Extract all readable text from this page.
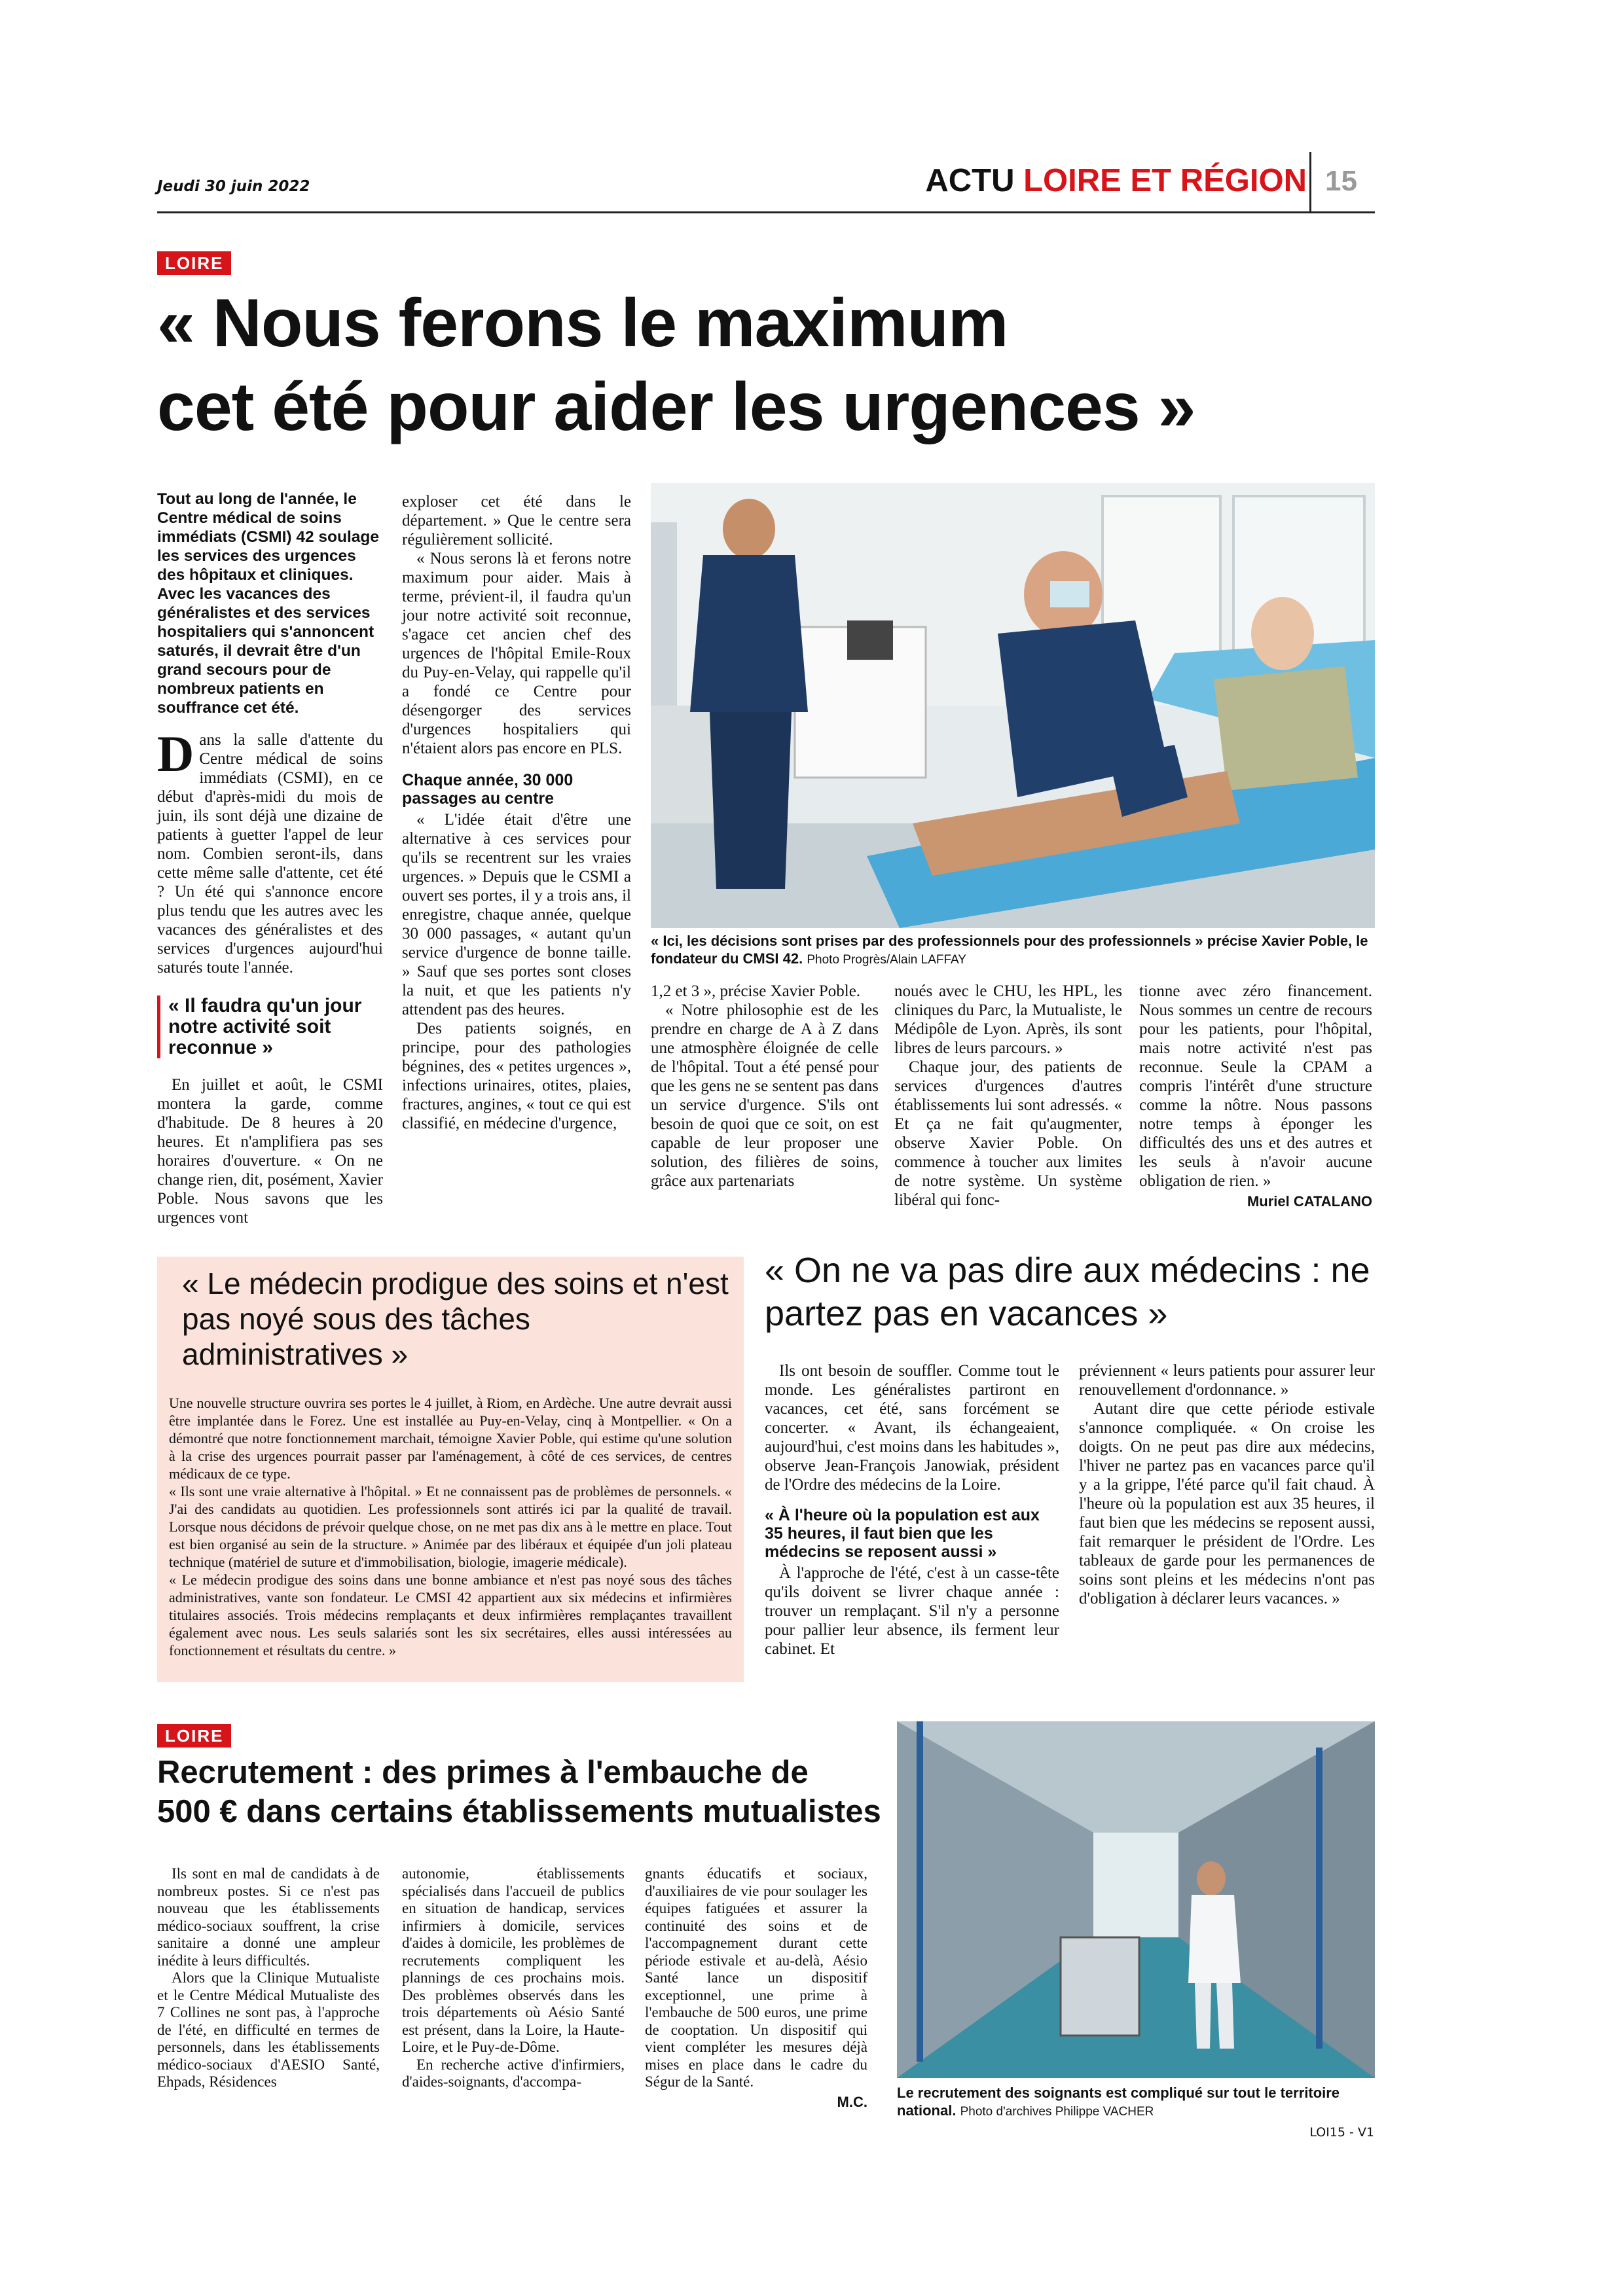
Jeudi 30 juin 2022	ACTU LOIRE ET RÉGION 15
LOIRE
« Nous ferons le maximum
cet été pour aider les urgences »
Tout au long de l'année, le Centre médical de soins immédiats (CSMI) 42 soulage les services des urgences des hôpitaux et cliniques. Avec les vacances des généralistes et des services hospitaliers qui s'annoncent saturés, il devrait être d'un grand secours pour de nombreux patients en souffrance cet été.

Dans la salle d'attente du Centre médical de soins immédiats (CSMI), en ce début d'après-midi du mois de juin, ils sont déjà une dizaine de patients à guetter l'appel de leur nom. Combien seront-ils, dans cette même salle d'attente, cet été ? Un été qui s'annonce encore plus tendu que les autres avec les vacances des généralistes et des services d'urgences aujourd'hui saturés toute l'année.

« Il faudra qu'un jour notre activité soit reconnue »

En juillet et août, le CSMI montera la garde, comme d'habitude. De 8 heures à 20 heures. Et n'amplifiera pas ses horaires d'ouverture. « On ne change rien, dit, posément, Xavier Poble. Nous savons que les urgences vont

exploser cet été dans le département. » Que le centre sera régulièrement sollicité.

« Nous serons là et ferons notre maximum pour aider. Mais à terme, prévient-il, il faudra qu'un jour notre activité soit reconnue, s'agace cet ancien chef des urgences de l'hôpital Emile-Roux du Puy-en-Velay, qui rappelle qu'il a fondé ce Centre pour désengorger des services d'urgences hospitaliers qui n'étaient alors pas encore en PLS.

Chaque année, 30 000 passages au centre

« L'idée était d'être une alternative à ces services pour qu'ils se recentrent sur les vraies urgences. » Depuis que le CSMI a ouvert ses portes, il y a trois ans, il enregistre, chaque année, quelque 30 000 passages, « autant qu'un service d'urgence de bonne taille. » Sauf que ses portes sont closes la nuit, et que les patients n'y attendent pas des heures.

Des patients soignés, en principe, pour des pathologies bégnines, des « petites urgences », infections urinaires, otites, plaies, fractures, angines, « tout ce qui est classifié, en médecine d'urgence,

« Ici, les décisions sont prises par des professionnels pour des professionnels » précise Xavier Poble, le fondateur du CMSI 42. Photo Progrès/Alain LAFFAY

1,2 et 3 », précise Xavier Poble.

« Notre philosophie est de les prendre en charge de A à Z dans une atmosphère éloignée de celle de l'hôpital. Tout a été pensé pour que les gens ne se sentent pas dans un service d'urgence. S'ils ont besoin de quoi que ce soit, on est capable de leur proposer une solution, des filières de soins, grâce aux partenariats

noués avec le CHU, les HPL, les cliniques du Parc, la Mutualiste, le Médipôle de Lyon. Après, ils sont libres de leurs parcours. »

Chaque jour, des patients de services d'urgences d'autres établissements lui sont adressés. « Et ça ne fait qu'augmenter, observe Xavier Poble. On commence à toucher aux limites de notre système. Un système libéral qui fonc-

tionne avec zéro financement. Nous sommes un centre de recours pour les patients, pour l'hôpital, mais notre activité n'est pas reconnue. Seule la CPAM a compris l'intérêt d'une structure comme la nôtre. Nous passons notre temps à éponger les difficultés des uns et des autres et les seuls à n'avoir aucune obligation de rien. »

Muriel CATALANO
« Le médecin prodigue des soins et n'est pas noyé sous des tâches administratives »

Une nouvelle structure ouvrira ses portes le 4 juillet, à Riom, en Ardèche. Une autre devrait aussi être implantée dans le Forez. Une est installée au Puy-en-Velay, cinq à Montpellier. « On a démontré que notre fonctionnement marchait, témoigne Xavier Poble, qui estime qu'une solution à la crise des urgences pourrait passer par l'aménagement, à côté de ces services, de centres médicaux de ce type.

« Ils sont une vraie alternative à l'hôpital. » Et ne connaissent pas de problèmes de personnels. « J'ai des candidats au quotidien. Les professionnels sont attirés ici par la qualité de travail. Lorsque nous décidons de prévoir quelque chose, on ne met pas dix ans à le mettre en place. Tout est bien organisé au sein de la structure. » Animée par des libéraux et équipée d'un joli plateau technique (matériel de suture et d'immobilisation, biologie, imagerie médicale).

« Le médecin prodigue des soins dans une bonne ambiance et n'est pas noyé sous des tâches administratives, vante son fondateur. Le CMSI 42 appartient aux six médecins et infirmières titulaires associés. Trois médecins remplaçants et deux infirmières remplaçantes travaillent également avec nous. Les seuls salariés sont les six secrétaires, elles aussi intéressées au fonctionnement et résultats du centre. »

« On ne va pas dire aux médecins : ne partez pas en vacances »

Ils ont besoin de souffler. Comme tout le monde. Les généralistes partiront en vacances, cet été, sans forcément se concerter. « Avant, ils échangeaient, aujourd'hui, c'est moins dans les habitudes », observe Jean-François Janowiak, président de l'Ordre des médecins de la Loire.

« À l'heure où la population est aux 35 heures, il faut bien que les médecins se reposent aussi »

À l'approche de l'été, c'est à un casse-tête qu'ils doivent se livrer chaque année : trouver un remplaçant. S'il n'y a personne pour pallier leur absence, ils ferment leur cabinet. Et

préviennent « leurs patients pour assurer leur renouvellement d'ordonnance. »

Autant dire que cette période estivale s'annonce compliquée. « On croise les doigts. On ne peut pas dire aux médecins, l'hiver ne partez pas en vacances parce qu'il y a la grippe, l'été parce qu'il fait chaud. À l'heure où la population est aux 35 heures, il faut bien que les médecins se reposent aussi, fait remarquer le président de l'Ordre. Les tableaux de garde pour les permanences de soins sont pleins et les médecins n'ont pas d'obligation à déclarer leurs vacances. »

LOIRE
Recrutement : des primes à l'embauche de
500 € dans certains établissements mutualistes

Ils sont en mal de candidats à de nombreux postes. Si ce n'est pas nouveau que les établissements médico-sociaux souffrent, la crise sanitaire a donné une ampleur inédite à leurs difficultés.

Alors que la Clinique Mutualiste et le Centre Médical Mutualiste des 7 Collines ne sont pas, à l'approche de l'été, en difficulté en termes de personnels, dans les établissements médico-sociaux d'AESIO Santé, Ehpads, Résidences

autonomie, établissements spécialisés dans l'accueil de publics en situation de handicap, services infirmiers à domicile, services d'aides à domicile, les problèmes de recrutements compliquent les plannings de ces prochains mois. Des problèmes observés dans les trois départements où Aésio Santé est présent, dans la Loire, la Haute-Loire, et le Puy-de-Dôme.

En recherche active d'infirmiers, d'aides-soignants, d'accompa-

gnants éducatifs et sociaux, d'auxiliaires de vie pour soulager les équipes fatiguées et assurer la continuité des soins et de l'accompagnement durant cette période estivale et au-delà, Aésio Santé lance un dispositif exceptionnel, une prime à l'embauche de 500 euros, une prime de cooptation. Un dispositif qui vient compléter les mesures déjà mises en place dans le cadre du Ségur de la Santé.

M.C.
Le recrutement des soignants est compliqué sur tout le territoire national. Photo d'archives Philippe VACHER
LOI15 - V1
